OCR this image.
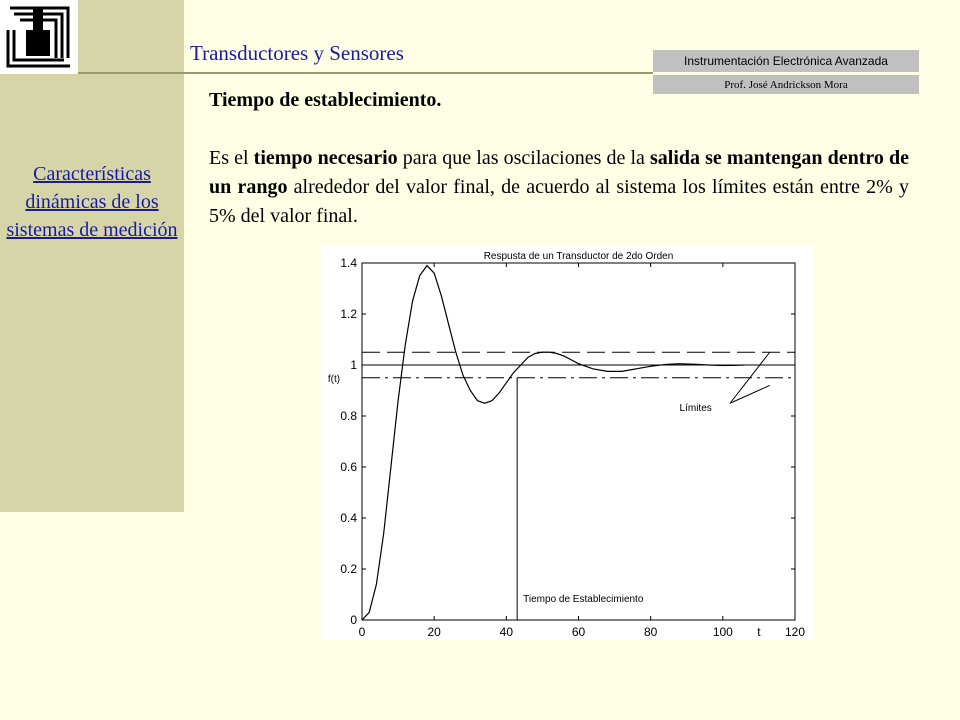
Transductores y Sensores	Instrumentación Electrónica Avanzada
Prof. José Andrickson Mora
Características dinámicas de los sistemas de medición
Tiempo de establecimiento.
Es el tiempo necesario para que las oscilaciones de la salida se mantengan dentro de un rango alrededor del valor final, de acuerdo al sistema los límites están entre 2% y 5% del valor final.
Respusta de un Transductor de 2do Orden
0
0.2
0.4
0.6
0.8
1
1.2
1.4
0	20	40	60	80	100	120
t
f(t)
Tiempo de Establecimiento
Límites
